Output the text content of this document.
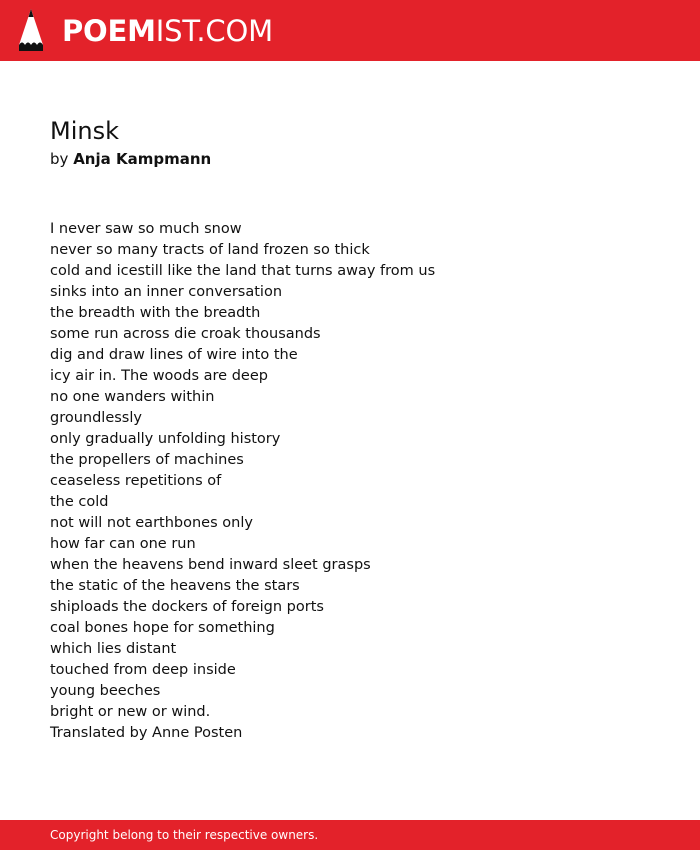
POEMIST.COM
Minsk
by Anja Kampmann
I never saw so much snow
never so many tracts of land frozen so thick
cold and icestill like the land that turns away from us
sinks into an inner conversation
the breadth with the breadth
some run across die croak thousands
dig and draw lines of wire into the
icy air in. The woods are deep
no one wanders within
groundlessly
only gradually unfolding history
the propellers of machines
ceaseless repetitions of
the cold
not will not earthbones only
how far can one run
when the heavens bend inward sleet grasps
the static of the heavens the stars
shiploads the dockers of foreign ports
coal bones hope for something
which lies distant
touched from deep inside
young beeches
bright or new or wind.
Translated by Anne Posten
Copyright belong to their respective owners.
